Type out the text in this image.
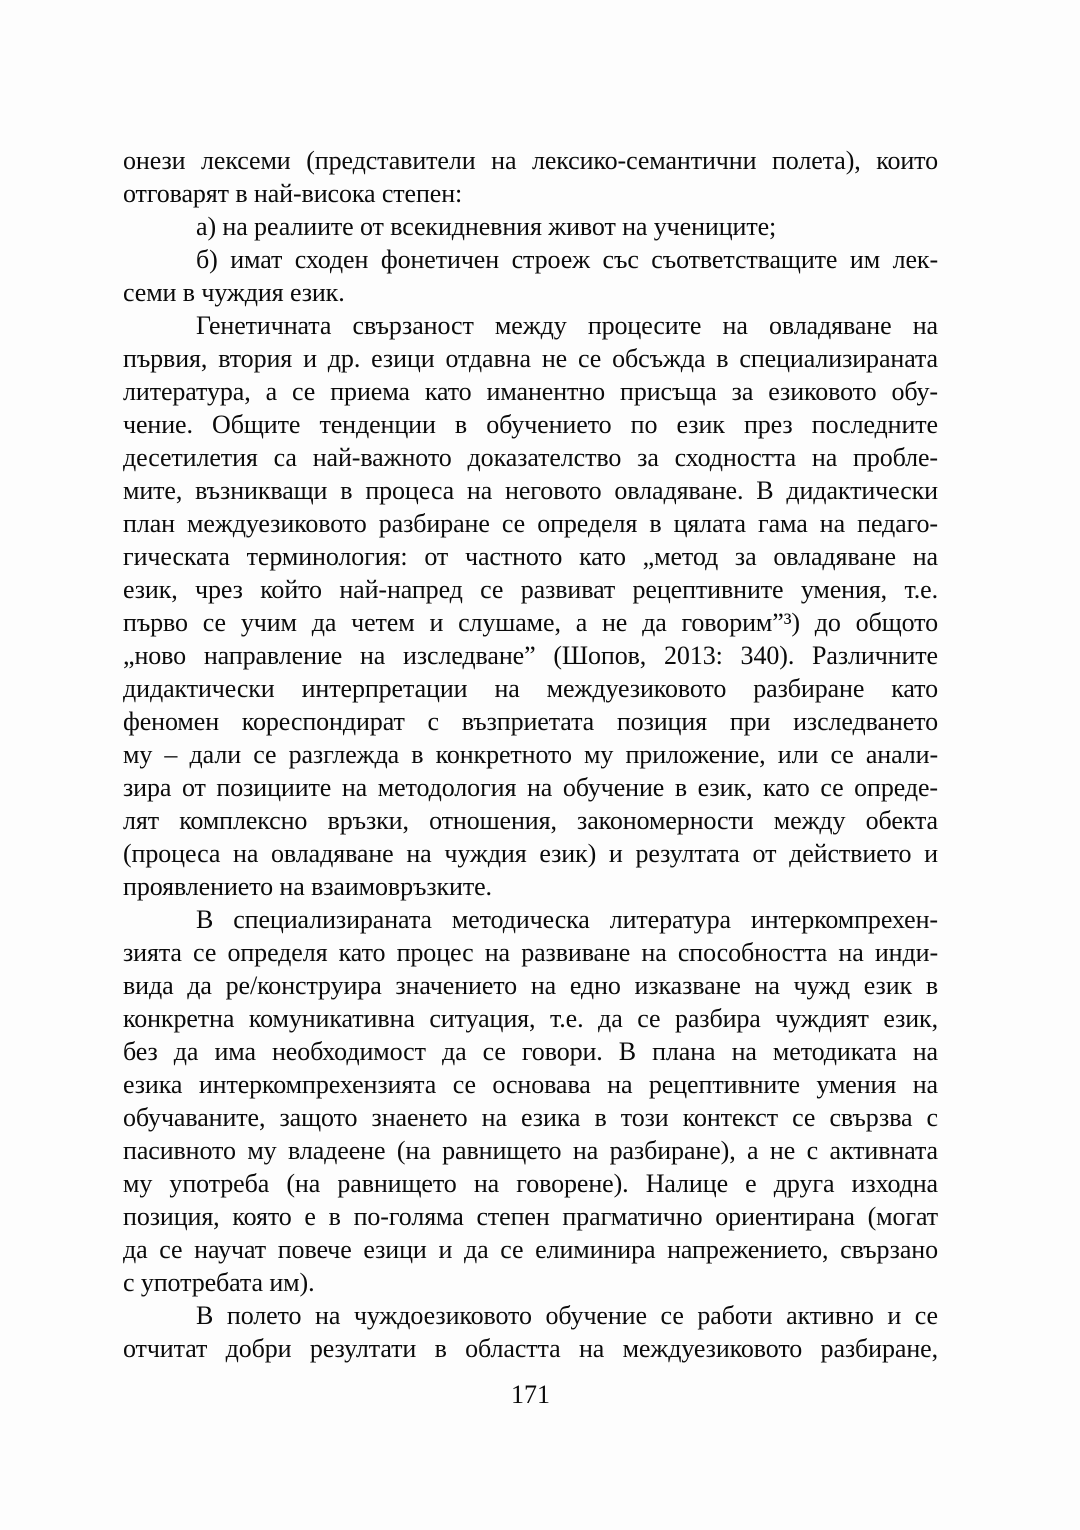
онези лексеми (представители на лексико-семантични полета), които
отговарят в най-висока степен:
а) на реалиите от всекидневния живот на учениците;
б) имат сходен фонетичен строеж със съответстващите им лек-
семи в чуждия език.
Генетичната свързаност между процесите на овладяване на
първия, втория и др. езици отдавна не се обсъжда в специализираната
литература, а се приема като иманентно присъща за езиковото обу-
чение. Общите тенденции в обучението по език през последните
десетилетия са най-важното доказателство за сходността на пробле-
мите, възникващи в процеса на неговото овладяване. В дидактически
план междуезиковото разбиране се определя в цялата гама на педаго-
гическата терминология: от частното като „метод за овладяване на
език, чрез който най-напред се развиват рецептивните умения, т.е.
първо се учим да четем и слушаме, а не да говорим”³) до общото
„ново направление на изследване” (Шопов, 2013: 340). Различните
дидактически интерпретации на междуезиковото разбиране като
феномен кореспондират с възприетата позиция при изследването
му – дали се разглежда в конкретното му приложение, или се анали-
зира от позициите на методология на обучение в език, като се опреде-
лят комплексно връзки, отношения, закономерности между обекта
(процеса на овладяване на чуждия език) и резултата от действието и
проявлението на взаимовръзките.
В специализираната методическа литература интеркомпрехен-
зията се определя като процес на развиване на способността на инди-
вида да ре/конструира значението на едно изказване на чужд език в
конкретна комуникативна ситуация, т.е. да се разбира чуждият език,
без да има необходимост да се говори. В плана на методиката на
езика интеркомпрехензията се основава на рецептивните умения на
обучаваните, защото знаенето на езика в този контекст се свързва с
пасивното му владеене (на равнището на разбиране), а не с активната
му употреба (на равнището на говорене). Налице е друга изходна
позиция, която е в по-голяма степен прагматично ориентирана (могат
да се научат повече езици и да се елиминира напрежението, свързано
с употребата им).
В полето на чуждоезиковото обучение се работи активно и се
отчитат добри резултати в областта на междуезиковото разбиране,
171
